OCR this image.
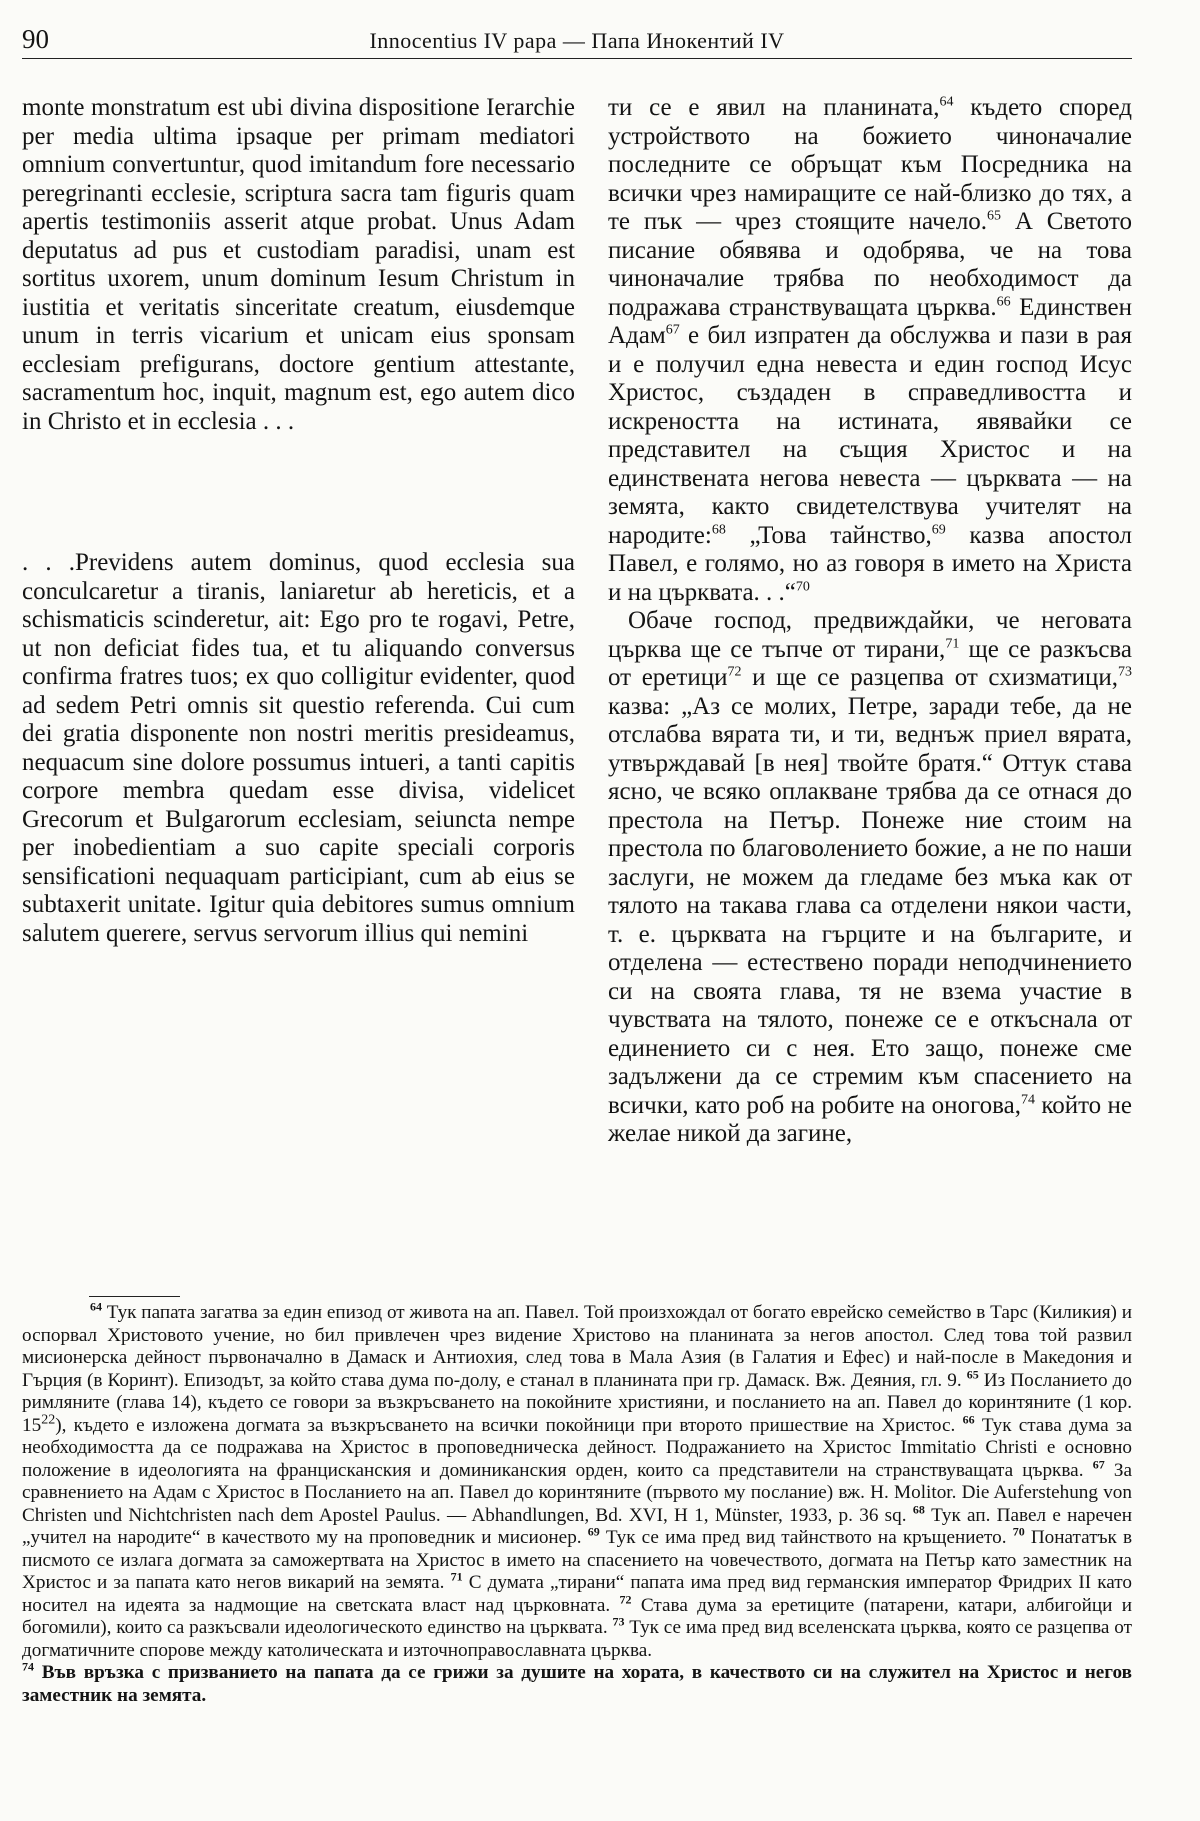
90	Innocentius IV papa — Папа Инокентий IV

monte monstratum est ubi divina dispositione Ierarchie per media ultima ipsaque per primam mediatori omnium convertuntur, quod imitandum fore necessario peregrinanti ecclesie, scriptura sacra tam figuris quam apertis testimoniis asserit atque probat. Unus Adam deputatus ad pus et custodiam paradisi, unam est sortitus uxorem, unum dominum Iesum Christum in iustitia et veritatis sinceritate creatum, eiusdemque unum in terris vicarium et unicam eius sponsam ecclesiam prefigurans, doctore gentium attestante, sacramentum hoc, inquit, magnum est, ego autem dico in Christo et in ecclesia . . .

. . .Previdens autem dominus, quod ecclesia sua conculcaretur a tiranis, laniaretur ab hereticis, et a schismaticis scinderetur, ait: Ego pro te rogavi, Petre, ut non deficiat fides tua, et tu aliquando conversus confirma fratres tuos; ex quo colligitur evidenter, quod ad sedem Petri omnis sit questio referenda. Cui cum dei gratia disponente non nostri meritis presideamus, nequacum sine dolore possumus intueri, a tanti capitis corpore membra quedam esse divisa, videlicet Grecorum et Bulgarorum ecclesiam, seiuncta nempe per inobedientiam a suo capite speciali corporis sensificationi nequaquam participiant, cum ab eius se subtaxerit unitate. Igitur quia debitores sumus omnium salutem querere, servus servorum illius qui nemini

ти се е явил на планината,$^{64}$ където според устройството на божието чиноначалие последните се обръщат към Посредника на всички чрез намиращите се най-близко до тях, а те пък — чрез стоящите начело.$^{65}$ А Светото писание обявява и одобрява, че на това чиноначалие трябва по необходимост да подражава странствуващата църква.$^{66}$ Единствен Адам$^{67}$ е бил изпратен да обслужва и пази в рая и е получил една невеста и един господ Исус Христос, създаден в справедливостта и искреността на истината, явявайки се представител на същия Христос и на единствената негова невеста — църквата — на земята, както свидетелствува учителят на народите:$^{68}$ „Това тайнство,$^{69}$ казва апостол Павел, е голямо, но аз говоря в името на Христа и на църквата. . .“$^{70}$

Обаче господ, предвиждайки, че неговата църква ще се тъпче от тирани,$^{71}$ ще се разкъсва от еретици$^{72}$ и ще се разцепва от схизматици,$^{73}$ казва: „Аз се молих, Петре, заради тебе, да не отслабва вярата ти, и ти, веднъж приел вярата, утвърждавай [в нея] твойте братя.“ Оттук става ясно, че всяко оплакване трябва да се отнася до престола на Петър. Понеже ние стоим на престола по благоволението божие, а не по наши заслуги, не можем да гледаме без мъка как от тялото на такава глава са отделени някои части, т. е. църквата на гърците и на българите, и отделена — естествено поради неподчинението си на своята глава, тя не взема участие в чувствата на тялото, понеже се е откъснала от единението си с нея. Ето защо, понеже сме задължени да се стремим към спасението на всички, като роб на робите на оногова,$^{74}$ който не желае никой да загине,

$^{64}$ Тук папата загатва за един епизод от живота на ап. Павел. Той произхождал от богато еврейско семейство в Тарс (Киликия) и оспорвал Христовото учение, но бил привлечен чрез видение Христово на планината за негов апостол. След това той развил мисионерска дейност първоначално в Дамаск и Антиохия, след това в Мала Азия (в Галатия и Ефес) и най-после в Македония и Гърция (в Коринт). Епизодът, за който става дума по-долу, е станал в планината при гр. Дамаск. Вж. Деяния, гл. 9. $^{65}$ Из Посланието до римляните (глава 14), където се говори за възкръсването на покойните християни, и посланието на ап. Павел до коринтяните (1 кор. $15^{22}$), където е изложена догмата за възкръсването на всички покойници при второто пришествие на Христос. $^{66}$ Тук става дума за необходимостта да се подражава на Христос в проповедническа дейност. Подражанието на Христос Immitatio Christi е основно положение в идеологията на францисканския и доминиканския орден, които са представители на странствуващата църква. $^{67}$ За сравнението на Адам с Христос в Посланието на ап. Павел до коринтяните (първото му послание) вж. H. Molitor. Die Auferstehung von Christen und Nichtchristen nach dem Apostel Paulus. — Abhandlungen, Bd. XVI, H 1, Münster, 1933, p. 36 sq. $^{68}$ Тук ап. Павел е наречен „учител на народите“ в качеството му на проповедник и мисионер. $^{69}$ Тук се има пред вид тайнството на кръщението. $^{70}$ Понататък в писмото се излага догмата за саможертвата на Христос в името на спасението на човечеството, догмата на Петър като заместник на Христос и за папата като негов викарий на земята. $^{71}$ С думата „тирани“ папата има пред вид германския император Фридрих II като носител на идеята за надмощие на светската власт над църковната. $^{72}$ Става дума за еретиците (патарени, катари, албигойци и богомили), които са разкъсвали идеологическото единство на църквата. $^{73}$ Тук се има пред вид вселенската църква, която се разцепва от догматичните спорове между католическата и източноправославната църква.

$^{74}$ Във връзка с призванието на папата да се грижи за душите на хората, в качеството си на служител на Христос и негов заместник на земята.
